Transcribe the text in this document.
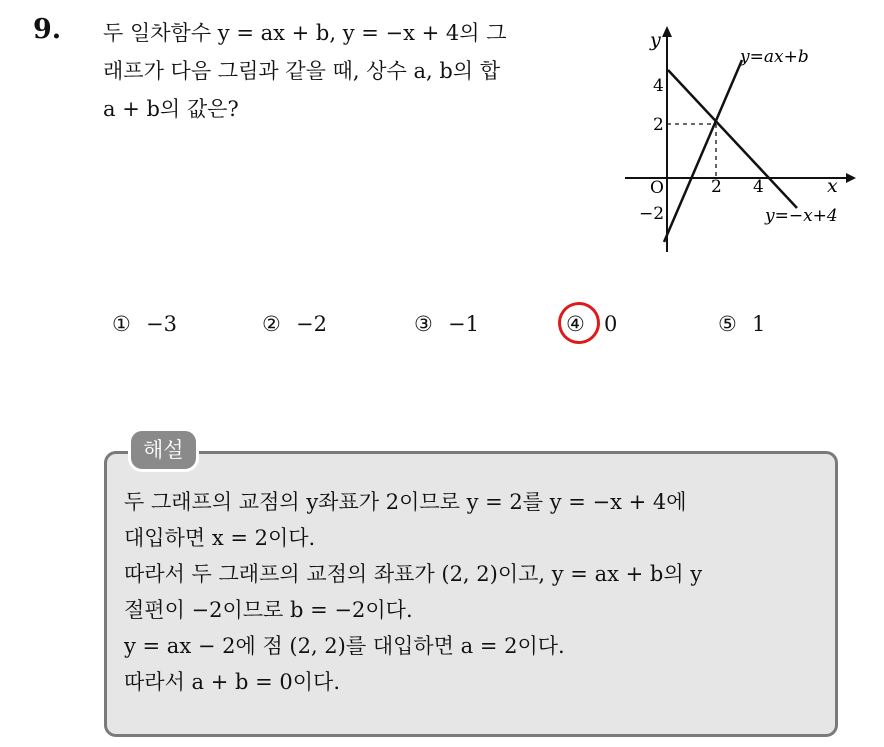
9. 두 일차함수 y = ax + b, y = −x + 4의 그
래프가 다음 그림과 같을 때, 상수 a, b의 합
a + b의 값은?
y
x
O
4
2
−2
2 4
y=ax+b
y=−x+4
① −3	② −2	③ −1	④ 0	⑤ 1
해설
두 그래프의 교점의 y좌표가 2이므로 y = 2를 y = −x + 4에
대입하면 x = 2이다.
따라서 두 그래프의 교점의 좌표가 (2, 2)이고, y = ax + b의 y
절편이 −2이므로 b = −2이다.
y = ax − 2에 점 (2, 2)를 대입하면 a = 2이다.
따라서 a + b = 0이다.
